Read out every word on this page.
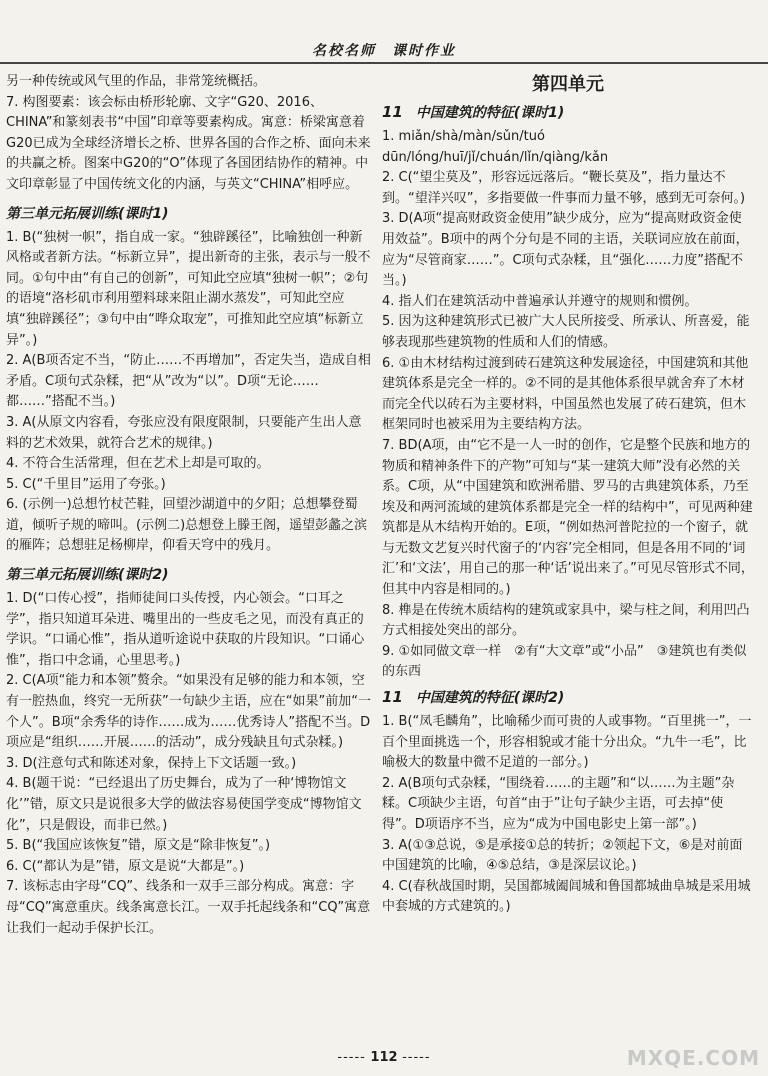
名校名师　课时作业

另一种传统或风气里的作品，非常笼统概括。

7. 构图要素：该会标由桥形轮廓、文字“G20、2016、CHINA”和篆刻表书“中国”印章等要素构成。寓意：桥梁寓意着G20已成为全球经济增长之桥、世界各国的合作之桥、面向未来的共赢之桥。图案中G20的“O”体现了各国团结协作的精神。中文印章彰显了中国传统文化的内涵，与英文“CHINA”相呼应。

第三单元拓展训练(课时1)

1. B(“独树一帜”，指自成一家。“独辟蹊径”，比喻独创一种新风格或者新方法。“标新立异”，提出新奇的主张，表示与一般不同。①句中由“有自己的创新”，可知此空应填“独树一帜”；②句的语境“洛杉矶市利用塑料球来阻止湖水蒸发”，可知此空应填“独辟蹊径”；③句中由“哗众取宠”，可推知此空应填“标新立异”。)

2. A(B项否定不当，“防止……不再增加”，否定失当，造成自相矛盾。C项句式杂糅，把“从”改为“以”。D项“无论……都……”搭配不当。)

3. A(从原文内容看，夸张应没有限度限制，只要能产生出人意料的艺术效果，就符合艺术的规律。)

4. 不符合生活常理，但在艺术上却是可取的。

5. C(“千里目”运用了夸张。)

6. (示例一)总想竹杖芒鞋，回望沙湖道中的夕阳；总想攀登蜀道，倾听子规的啼叫。(示例二)总想登上滕王阁，遥望彭蠡之滨的雁阵；总想驻足杨柳岸，仰看天穹中的残月。

第三单元拓展训练(课时2)

1. D(“口传心授”，指师徒间口头传授，内心领会。“口耳之学”，指只知道耳朵进、嘴里出的一些皮毛之见，而没有真正的学识。“口诵心惟”，指从道听途说中获取的片段知识。“口诵心惟”，指口中念诵，心里思考。)

2. C(A项“能力和本领”赘余。“如果没有足够的能力和本领，空有一腔热血，终究一无所获”一句缺少主语，应在“如果”前加“一个人”。B项“余秀华的诗作……成为……优秀诗人”搭配不当。D项应是“组织……开展……的活动”，成分残缺且句式杂糅。)

3. D(注意句式和陈述对象，保持上下文话题一致。)

4. B(题干说：“已经退出了历史舞台，成为了一种‘博物馆文化’”错，原文只是说很多大学的做法容易使国学变成“博物馆文化”，只是假设，而非已然。)

5. B(“我国应该恢复”错，原文是“除非恢复”。)

6. C(“都认为是”错，原文是说“大都是”。)

7. 该标志由字母“CQ”、线条和一双手三部分构成。寓意：字母“CQ”寓意重庆。线条寓意长江。一双手托起线条和“CQ”寓意让我们一起动手保护长江。

第四单元
11 中国建筑的特征(课时1)

1. miǎn/shà/màn/sǔn/tuó dūn/lóng/huī/jǐ/chuán/lǐn/qiàng/kǎn

2. C(“望尘莫及”，形容远远落后。“鞭长莫及”，指力量达不到。“望洋兴叹”，多指要做一件事而力量不够，感到无可奈何。)

3. D(A项“提高财政资金使用”缺少成分，应为“提高财政资金使用效益”。B项中的两个分句是不同的主语，关联词应放在前面，应为“尽管商家……”。C项句式杂糅，且“强化……力度”搭配不当。)

4. 指人们在建筑活动中普遍承认并遵守的规则和惯例。

5. 因为这种建筑形式已被广大人民所接受、所承认、所喜爱，能够表现那些建筑物的性质和人们的情感。

6. ①由木材结构过渡到砖石建筑这种发展途径，中国建筑和其他建筑体系是完全一样的。②不同的是其他体系很早就舍弃了木材而完全代以砖石为主要材料，中国虽然也发展了砖石建筑，但木框架同时也被采用为主要结构方法。

7. BD(A项，由“它不是一人一时的创作，它是整个民族和地方的物质和精神条件下的产物”可知与“某一建筑大师”没有必然的关系。C项，从“中国建筑和欧洲希腊、罗马的古典建筑体系，乃至埃及和两河流域的建筑体系都是完全一样的结构中”，可见两种建筑都是从木结构开始的。E项，“例如热河普陀拉的一个窗子，就与无数文艺复兴时代窗子的‘内容’完全相同，但是各用不同的‘词汇’和‘文法’，用自己的那一种‘话’说出来了。”可见尽管形式不同，但其中内容是相同的。)

8. 榫是在传统木质结构的建筑或家具中，梁与柱之间，利用凹凸方式相接处突出的部分。

9. ①如同做文章一样　②有“大文章”或“小品”　③建筑也有类似的东西

11 中国建筑的特征(课时2)

1. B(“凤毛麟角”，比喻稀少而可贵的人或事物。“百里挑一”，一百个里面挑选一个，形容相貌或才能十分出众。“九牛一毛”，比喻极大的数量中微不足道的一部分。)

2. A(B项句式杂糅，“围绕着……的主题”和“以……为主题”杂糅。C项缺少主语，句首“由于”让句子缺少主语，可去掉“使得”。D项语序不当，应为“成为中国电影史上第一部”。)

3. A(①③总说，⑤是承接①总的转折；②领起下文，⑥是对前面中国建筑的比喻，④⑤总结，③是深层议论。)

4. C(春秋战国时期，吴国都城阖闾城和鲁国都城曲阜城是采用城中套城的方式建筑的。)

----- 112 -----	MXQE.COM
